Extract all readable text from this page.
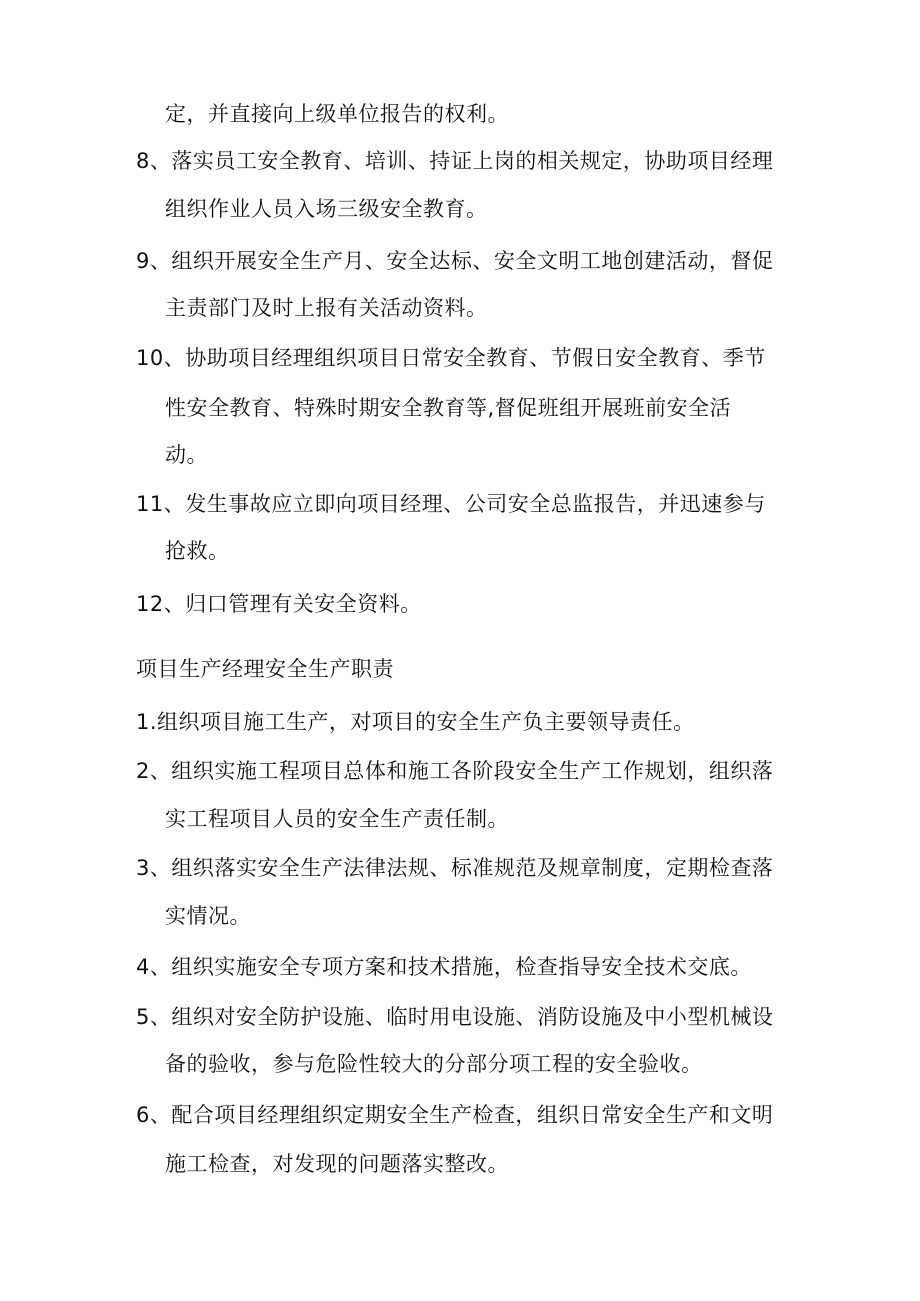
定，并直接向上级单位报告的权利。
8、落实员工安全教育、培训、持证上岗的相关规定，协助项目经理
组织作业人员入场三级安全教育。
9、组织开展安全生产月、安全达标、安全文明工地创建活动，督促
主责部门及时上报有关活动资料。
10、协助项目经理组织项目日常安全教育、节假日安全教育、季节
性安全教育、特殊时期安全教育等,督促班组开展班前安全活
动。
11、发生事故应立即向项目经理、公司安全总监报告，并迅速参与
抢救。
12、归口管理有关安全资料。
项目生产经理安全生产职责
1.组织项目施工生产，对项目的安全生产负主要领导责任。
2、组织实施工程项目总体和施工各阶段安全生产工作规划，组织落
实工程项目人员的安全生产责任制。
3、组织落实安全生产法律法规、标准规范及规章制度，定期检查落
实情况。
4、组织实施安全专项方案和技术措施，检查指导安全技术交底。
5、组织对安全防护设施、临时用电设施、消防设施及中小型机械设
备的验收，参与危险性较大的分部分项工程的安全验收。
6、配合项目经理组织定期安全生产检查，组织日常安全生产和文明
施工检查，对发现的问题落实整改。
